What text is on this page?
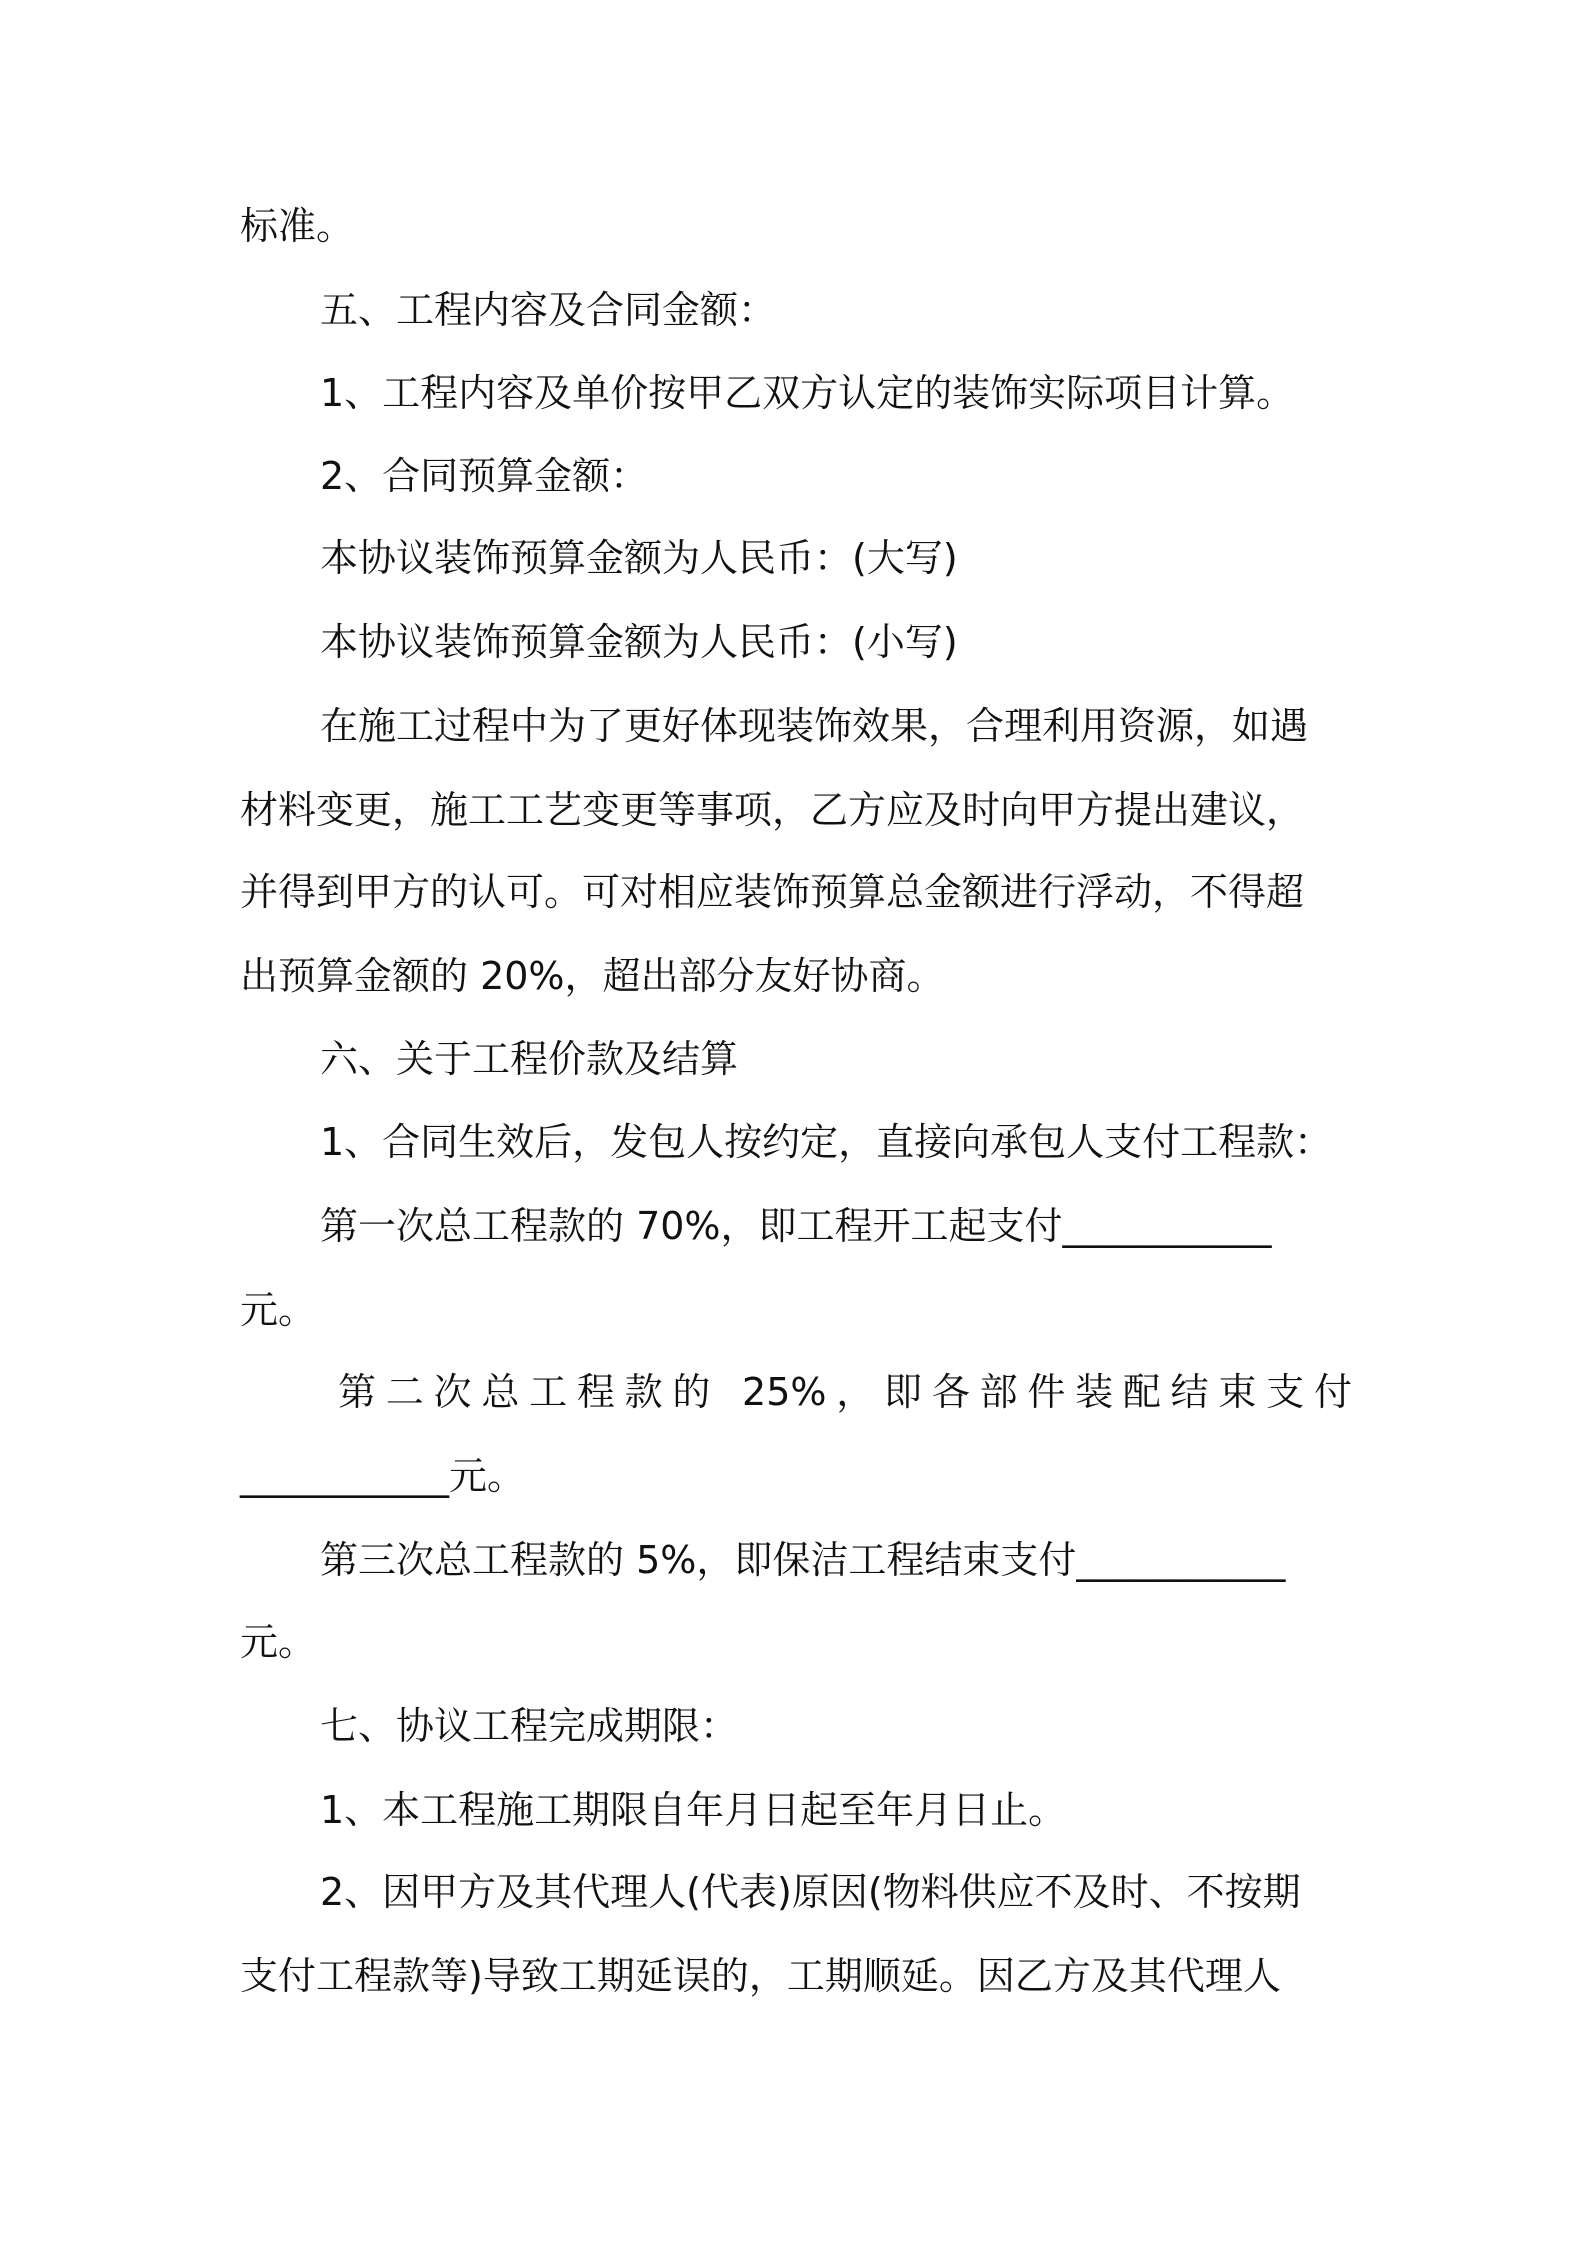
标准。
五、工程内容及合同金额：
1、工程内容及单价按甲乙双方认定的装饰实际项目计算。
2、合同预算金额：
本协议装饰预算金额为人民币：(大写)
本协议装饰预算金额为人民币：(小写)
在施工过程中为了更好体现装饰效果，合理利用资源，如遇
材料变更，施工工艺变更等事项，乙方应及时向甲方提出建议，
并得到甲方的认可。可对相应装饰预算总金额进行浮动，不得超
出预算金额的 20%，超出部分友好协商。
六、关于工程价款及结算
1、合同生效后，发包人按约定，直接向承包人支付工程款：
第一次总工程款的 70%，即工程开工起支付___________
元。
第二次总工程款的 25%，即各部件装配结束支付
___________元。
第三次总工程款的 5%，即保洁工程结束支付___________
元。
七、协议工程完成期限：
1、本工程施工期限自年月日起至年月日止。
2、因甲方及其代理人(代表)原因(物料供应不及时、不按期
支付工程款等)导致工期延误的，工期顺延。因乙方及其代理人
